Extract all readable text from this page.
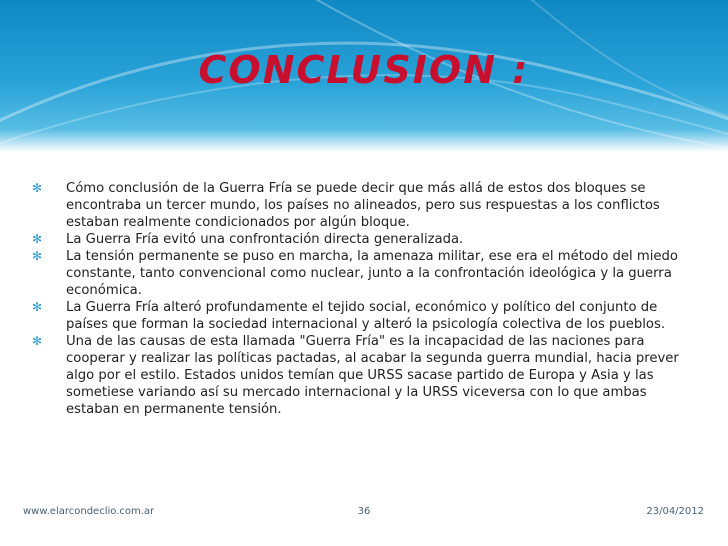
CONCLUSION :
✻ Cómo conclusión de la Guerra Fría se puede decir que más allá de estos dos bloques se encontraba un tercer mundo, los países no alineados, pero sus respuestas a los conflictos estaban realmente condicionados por algún bloque.
✻ La Guerra Fría evitó una confrontación directa generalizada.
✻ La tensión permanente se puso en marcha, la amenaza militar, ese era el método del miedo constante, tanto convencional como nuclear, junto a la confrontación ideológica y la guerra económica.
✻ La Guerra Fría alteró profundamente el tejido social, económico y político del conjunto de países que forman la sociedad internacional y alteró la psicología colectiva de los pueblos.
✻ Una de las causas de esta llamada "Guerra Fría" es la incapacidad de las naciones para cooperar y realizar las políticas pactadas, al acabar la segunda guerra mundial, hacia prever algo por el estilo. Estados unidos temían que URSS sacase partido de Europa y Asia y las sometiese variando así su mercado internacional y la URSS viceversa con lo que ambas estaban en permanente tensión.
www.elarcondeclio.com.ar	36	23/04/2012
